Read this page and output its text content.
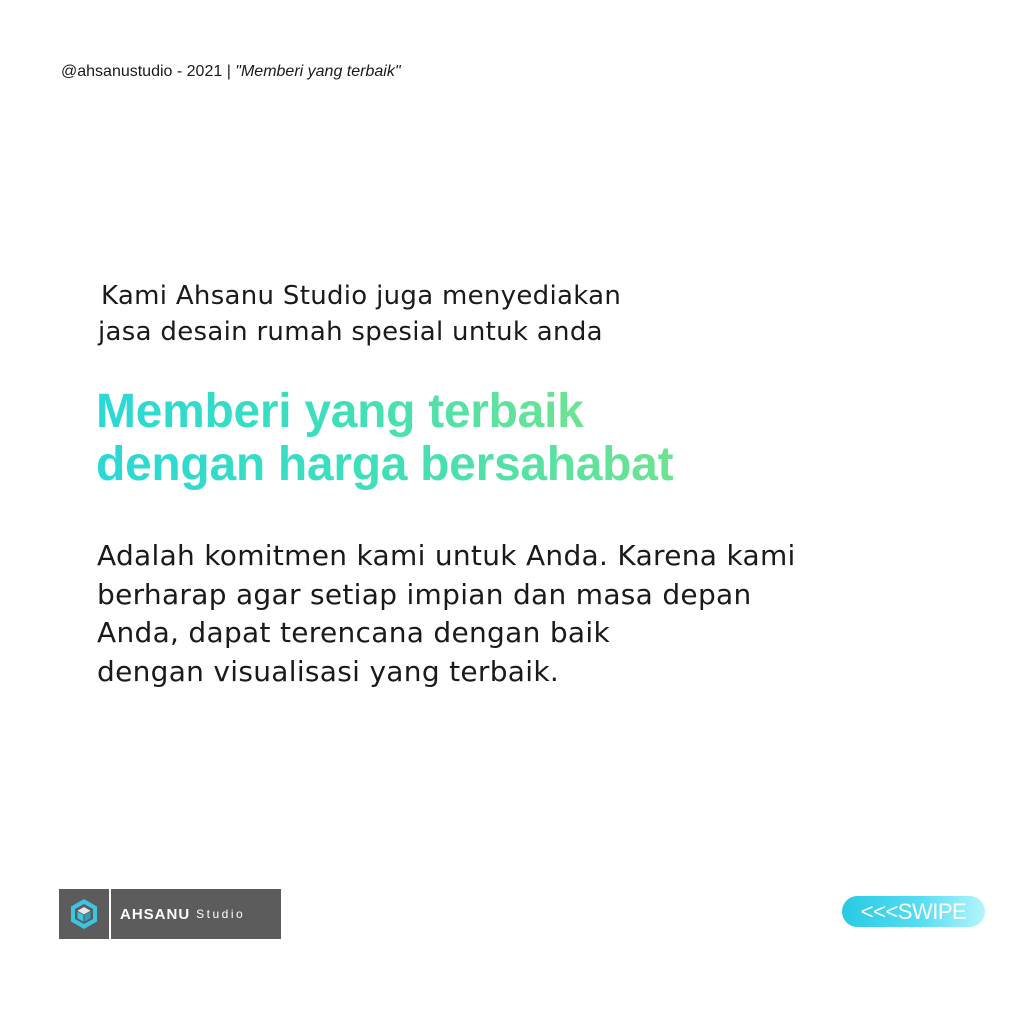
@ahsanustudio - 2021 | "Memberi yang terbaik"
Kami Ahsanu Studio juga menyediakan
jasa desain rumah spesial untuk anda
Memberi yang terbaik
dengan harga bersahabat
Adalah komitmen kami untuk Anda. Karena kami
berharap agar setiap impian dan masa depan
Anda, dapat terencana dengan baik
dengan visualisasi yang terbaik.
AHSANU Studio	<<<SWIPE
